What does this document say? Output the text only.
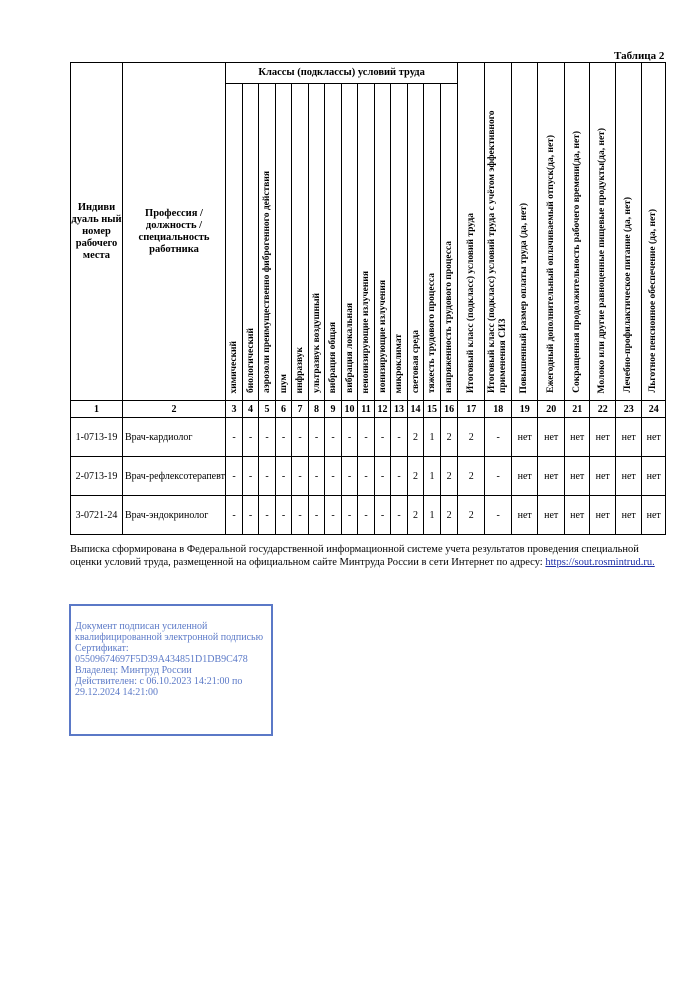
Таблица 2
Индиви дуаль ный номер рабочего места	Профессия / должность / специальность работника	Классы (подклассы) условий труда														Итоговый класс (подкласс) условий труда	Итоговый класс (подкласс) условий труда с учётом эффективного применения СИЗ	Повышенный размер оплаты труда (да, нет)	Ежегодный дополнительный оплачиваемый отпуск(да, нет)	Сокращенная продолжительность рабочего времени(да, нет)	Молоко или другие равноценные пищевые продукты(да, нет)	Лечебно-профилактическое питание (да, нет)	Льготное пенсионное обеспечение (да, нет)
		химический	биологический	аэрозоли преимущественно фиброгенного действия	шум	инфразвук	ультразвук воздушный	вибрация общая	вибрация локальная	неионизирующие излучения	ионизирующие излучения	микроклимат	световая среда	тяжесть трудового процесса	напряженность трудового процесса								
1	2	3	4	5	6	7	8	9	10	11	12	13	14	15	16	17	18	19	20	21	22	23	24
1-0713-19	Врач-кардиолог	-	-	-	-	-	-	-	-	-	-	-	2	1	2	2	-	нет	нет	нет	нет	нет	нет
2-0713-19	Врач-рефлексотерапевт	-	-	-	-	-	-	-	-	-	-	-	2	1	2	2	-	нет	нет	нет	нет	нет	нет
3-0721-24	Врач-эндокринолог	-	-	-	-	-	-	-	-	-	-	-	2	1	2	2	-	нет	нет	нет	нет	нет	нет
Выписка сформирована в Федеральной государственной информационной системе учета результатов проведения специальной оценки условий труда, размещенной на официальном сайте Минтруда России в сети Интернет по адресу: https://sout.rosmintrud.ru.
Документ подписан усиленной квалифицированной электронной подписью
Сертификат:
05509674697F5D39A434851D1DB9C478
Владелец: Минтруд России
Действителен: с 06.10.2023 14:21:00 по 29.12.2024 14:21:00
